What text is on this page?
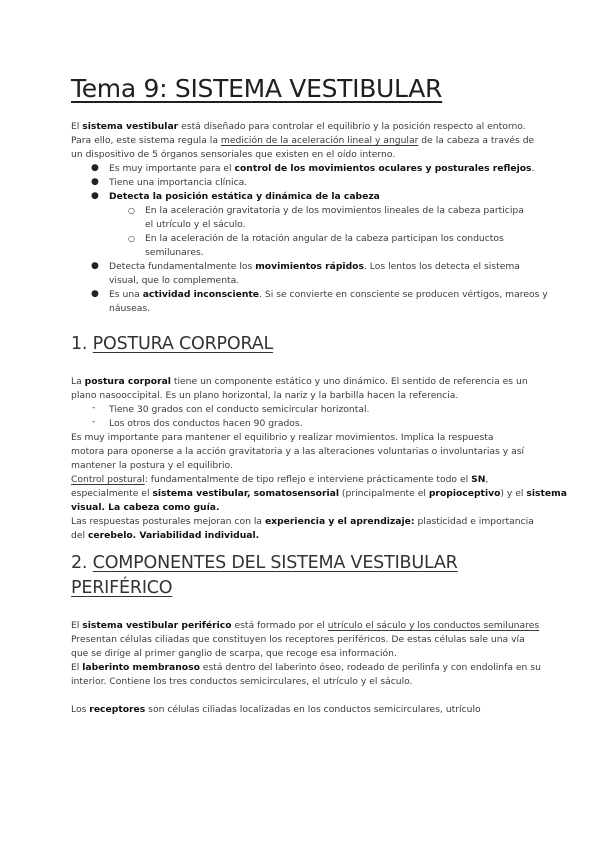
Tema 9: SISTEMA VESTIBULAR
El sistema vestibular está diseñado para controlar el equilibrio y la posición respecto al entorno.
Para ello, este sistema regula la medición de la aceleración lineal y angular de la cabeza a través de
un dispositivo de 5 órganos sensoriales que existen en el oído interno.
● Es muy importante para el control de los movimientos oculares y posturales reflejos.
● Tiene una importancia clínica.
● Detecta la posición estática y dinámica de la cabeza
○ En la aceleración gravitatoria y de los movimientos lineales de la cabeza participa
el utrículo y el sáculo.
○ En la aceleración de la rotación angular de la cabeza participan los conductos
semilunares.
● Detecta fundamentalmente los movimientos rápidos. Los lentos los detecta el sistema
visual, que lo complementa.
● Es una actividad inconsciente. Si se convierte en consciente se producen vértigos, mareos y
náuseas.
1. POSTURA CORPORAL
La postura corporal tiene un componente estático y uno dinámico. El sentido de referencia es un
plano nasooccipital. Es un plano horizontal, la nariz y la barbilla hacen la referencia.
- Tiene 30 grados con el conducto semicircular horizontal.
- Los otros dos conductos hacen 90 grados.
Es muy importante para mantener el equilibrio y realizar movimientos. Implica la respuesta
motora para oponerse a la acción gravitatoria y a las alteraciones voluntarias o involuntarias y así
mantener la postura y el equilibrio.
Control postural: fundamentalmente de tipo reflejo e interviene prácticamente todo el SN,
especialmente el sistema vestibular, somatosensorial (principalmente el propioceptivo) y el sistema
visual. La cabeza como guía.
Las respuestas posturales mejoran con la experiencia y el aprendizaje: plasticidad e importancia
del cerebelo. Variabilidad individual.
2. COMPONENTES DEL SISTEMA VESTIBULAR
PERIFÉRICO
El sistema vestibular periférico está formado por el utrículo el sáculo y los conductos semilunares
Presentan células ciliadas que constituyen los receptores periféricos. De estas células sale una vía
que se dirige al primer ganglio de scarpa, que recoge esa información.
El laberinto membranoso está dentro del laberinto óseo, rodeado de perilinfa y con endolinfa en su
interior. Contiene los tres conductos semicirculares, el utrículo y el sáculo.
Los receptores son células ciliadas localizadas en los conductos semicirculares, utrículo
